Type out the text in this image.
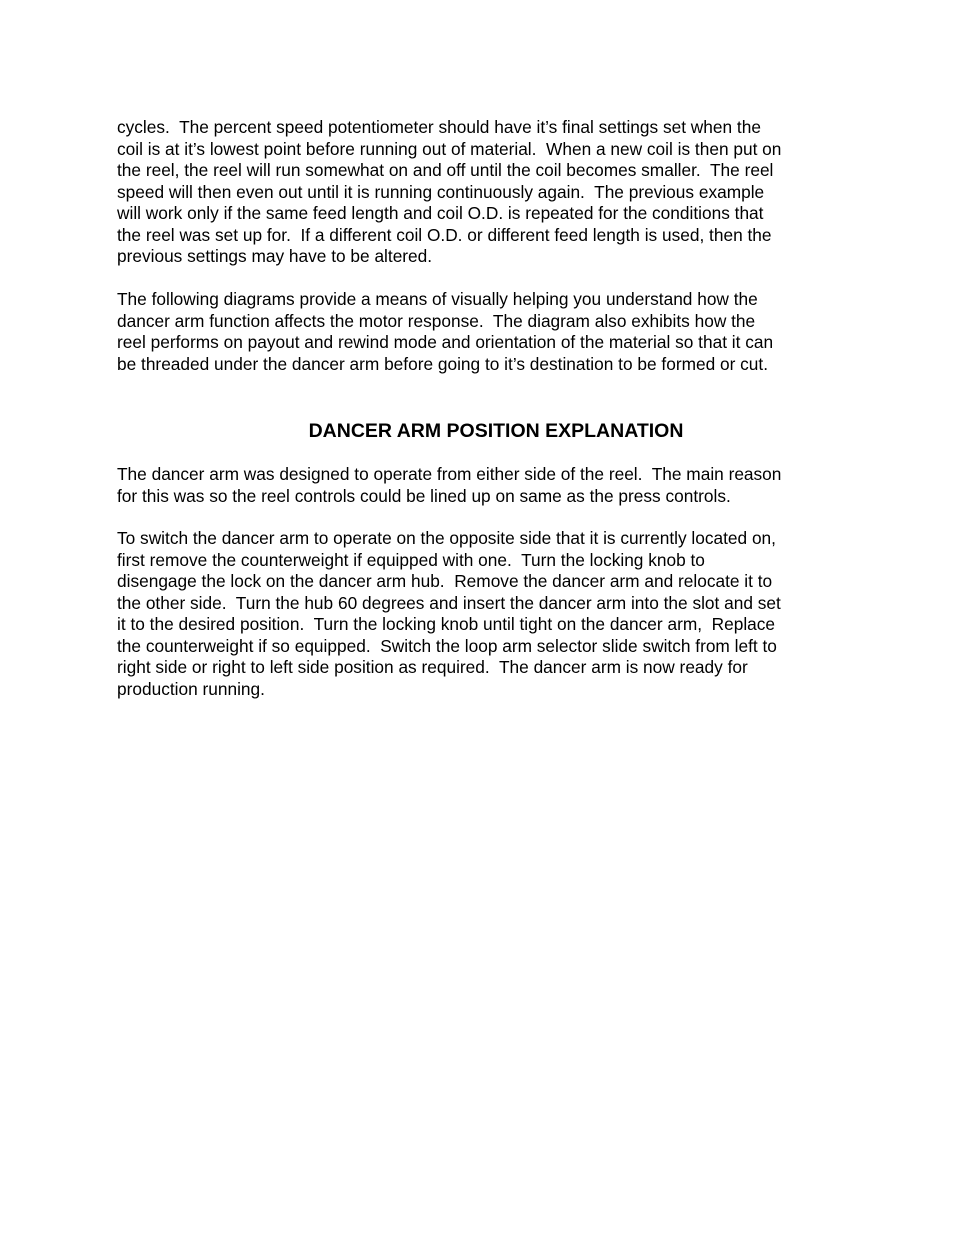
cycles.  The percent speed potentiometer should have it’s final settings set when the
coil is at it’s lowest point before running out of material.  When a new coil is then put on
the reel, the reel will run somewhat on and off until the coil becomes smaller.  The reel
speed will then even out until it is running continuously again.  The previous example
will work only if the same feed length and coil O.D. is repeated for the conditions that
the reel was set up for.  If a different coil O.D. or different feed length is used, then the
previous settings may have to be altered.

The following diagrams provide a means of visually helping you understand how the
dancer arm function affects the motor response.  The diagram also exhibits how the
reel performs on payout and rewind mode and orientation of the material so that it can
be threaded under the dancer arm before going to it’s destination to be formed or cut.

DANCER ARM POSITION EXPLANATION

The dancer arm was designed to operate from either side of the reel.  The main reason
for this was so the reel controls could be lined up on same as the press controls.

To switch the dancer arm to operate on the opposite side that it is currently located on,
first remove the counterweight if equipped with one.  Turn the locking knob to
disengage the lock on the dancer arm hub.  Remove the dancer arm and relocate it to
the other side.  Turn the hub 60 degrees and insert the dancer arm into the slot and set
it to the desired position.  Turn the locking knob until tight on the dancer arm,  Replace
the counterweight if so equipped.  Switch the loop arm selector slide switch from left to
right side or right to left side position as required.  The dancer arm is now ready for
production running.
